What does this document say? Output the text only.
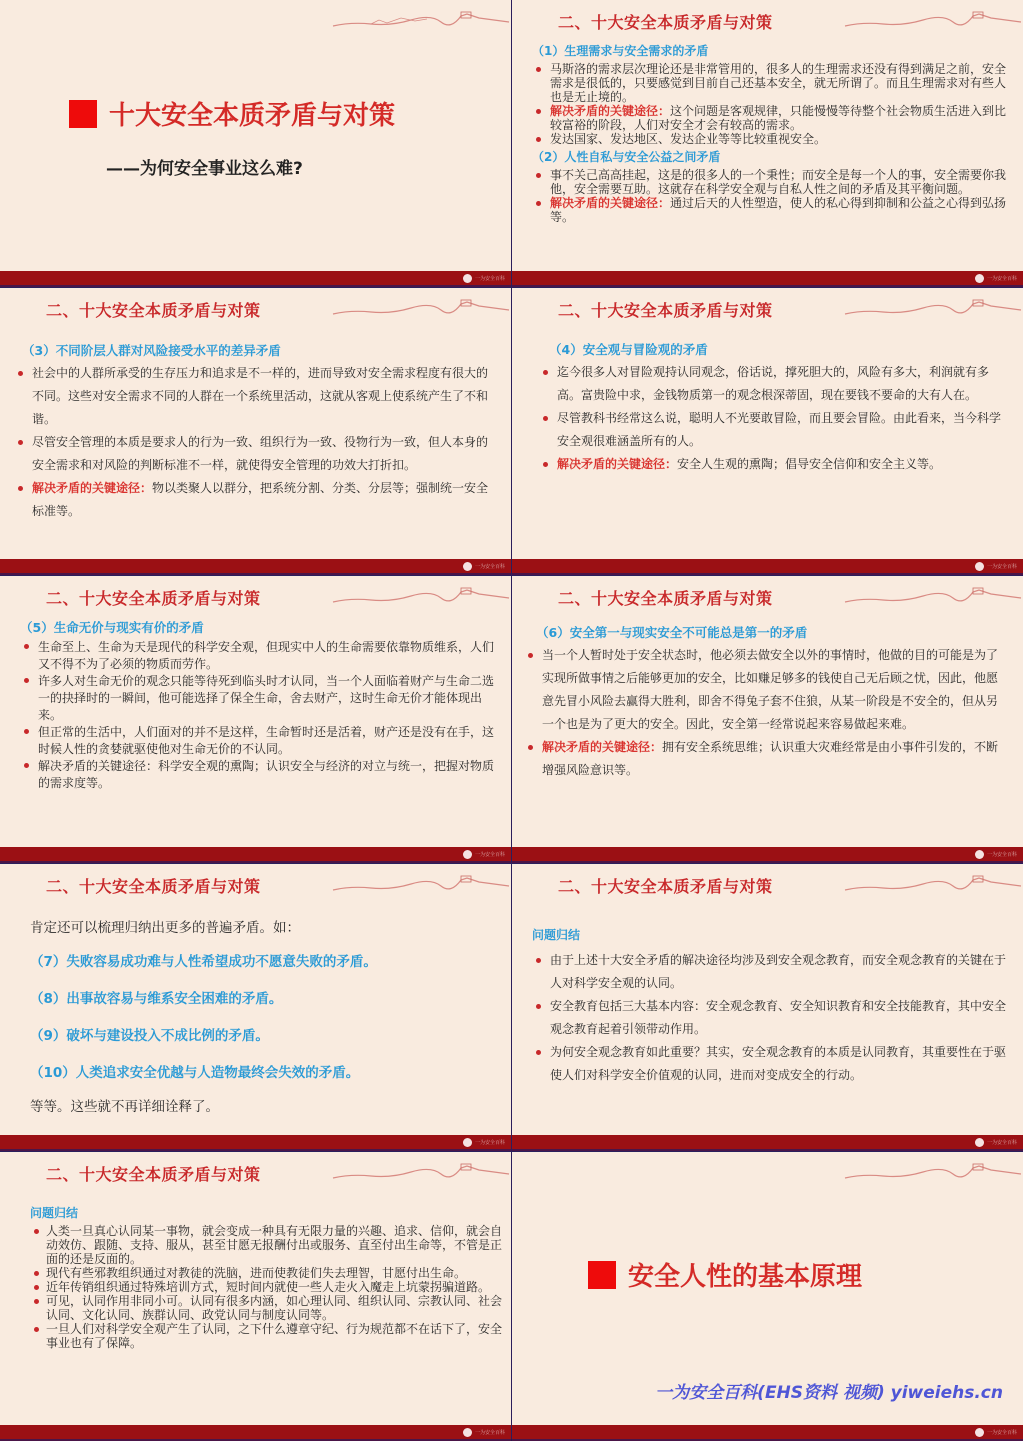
十大安全本质矛盾与对策
——为何安全事业这么难?
一为安全百科
二、十大安全本质矛盾与对策
（1）生理需求与安全需求的矛盾
马斯洛的需求层次理论还是非常管用的，很多人的生理需求还没有得到满足之前，安全需求是很低的，只要感觉到目前自己还基本安全，就无所谓了。而且生理需求对有些人也是无止境的。
解决矛盾的关键途径：这个问题是客观规律，只能慢慢等待整个社会物质生活进入到比较富裕的阶段，人们对安全才会有较高的需求。
发达国家、发达地区、发达企业等等比较重视安全。
（2）人性自私与安全公益之间矛盾
事不关己高高挂起，这是的很多人的一个秉性；而安全是每一个人的事，安全需要你我他，安全需要互助。这就存在科学安全观与自私人性之间的矛盾及其平衡问题。
解决矛盾的关键途径：通过后天的人性塑造，使人的私心得到抑制和公益之心得到弘扬等。
一为安全百科
二、十大安全本质矛盾与对策
（3）不同阶层人群对风险接受水平的差异矛盾
社会中的人群所承受的生存压力和追求是不一样的，进而导致对安全需求程度有很大的不同。这些对安全需求不同的人群在一个系统里活动，这就从客观上使系统产生了不和谐。
尽管安全管理的本质是要求人的行为一致、组织行为一致、役物行为一致，但人本身的安全需求和对风险的判断标准不一样，就使得安全管理的功效大打折扣。
解决矛盾的关键途径：物以类聚人以群分，把系统分割、分类、分层等；强制统一安全标准等。
一为安全百科
二、十大安全本质矛盾与对策
（4）安全观与冒险观的矛盾
迄今很多人对冒险观持认同观念，俗话说，撑死胆大的，风险有多大，利润就有多高。富贵险中求，金钱物质第一的观念根深蒂固，现在要钱不要命的大有人在。
尽管教科书经常这么说，聪明人不光要敢冒险，而且要会冒险。由此看来，当今科学安全观很难涵盖所有的人。
解决矛盾的关键途径：安全人生观的熏陶；倡导安全信仰和安全主义等。
一为安全百科
二、十大安全本质矛盾与对策
（5）生命无价与现实有价的矛盾
生命至上、生命为天是现代的科学安全观，但现实中人的生命需要依靠物质维系，人们又不得不为了必须的物质而劳作。
许多人对生命无价的观念只能等待死到临头时才认同，当一个人面临着财产与生命二选一的抉择时的一瞬间，他可能选择了保全生命，舍去财产，这时生命无价才能体现出来。
但正常的生活中，人们面对的并不是这样，生命暂时还是活着，财产还是没有在手，这时候人性的贪婪就驱使他对生命无价的不认同。
解决矛盾的关键途径：科学安全观的熏陶；认识安全与经济的对立与统一，把握对物质的需求度等。
一为安全百科
二、十大安全本质矛盾与对策
（6）安全第一与现实安全不可能总是第一的矛盾
当一个人暂时处于安全状态时，他必须去做安全以外的事情时，他做的目的可能是为了实现所做事情之后能够更加的安全，比如赚足够多的钱使自己无后顾之忧，因此，他愿意先冒小风险去赢得大胜利，即舍不得兔子套不住狼，从某一阶段是不安全的，但从另一个也是为了更大的安全。因此，安全第一经常说起来容易做起来难。
解决矛盾的关键途径：拥有安全系统思维；认识重大灾难经常是由小事件引发的，不断增强风险意识等。
一为安全百科
二、十大安全本质矛盾与对策
肯定还可以梳理归纳出更多的普遍矛盾。如：
（7）失败容易成功难与人性希望成功不愿意失败的矛盾。
（8）出事故容易与维系安全困难的矛盾。
（9）破坏与建设投入不成比例的矛盾。
（10）人类追求安全优越与人造物最终会失效的矛盾。
等等。这些就不再详细诠释了。
一为安全百科
二、十大安全本质矛盾与对策
问题归结
由于上述十大安全矛盾的解决途径均涉及到安全观念教育，而安全观念教育的关键在于人对科学安全观的认同。
安全教育包括三大基本内容：安全观念教育、安全知识教育和安全技能教育，其中安全观念教育起着引领带动作用。
为何安全观念教育如此重要？其实，安全观念教育的本质是认同教育，其重要性在于驱使人们对科学安全价值观的认同，进而对变成安全的行动。
一为安全百科
二、十大安全本质矛盾与对策
问题归结
人类一旦真心认同某一事物，就会变成一种具有无限力量的兴趣、追求、信仰，就会自动效仿、跟随、支持、服从，甚至甘愿无报酬付出或服务、直至付出生命等，不管是正面的还是反面的。
现代有些邪教组织通过对教徒的洗脑，进而使教徒们失去理智，甘愿付出生命。
近年传销组织通过特殊培训方式，短时间内就使一些人走火入魔走上坑蒙拐骗道路。
可见，认同作用非同小可。认同有很多内涵，如心理认同、组织认同、宗教认同、社会认同、文化认同、族群认同、政党认同与制度认同等。
一旦人们对科学安全观产生了认同，之下什么遵章守纪、行为规范都不在话下了，安全事业也有了保障。
一为安全百科
安全人性的基本原理
一为安全百科(EHS资料 视频) yiweiehs.cn
一为安全百科
